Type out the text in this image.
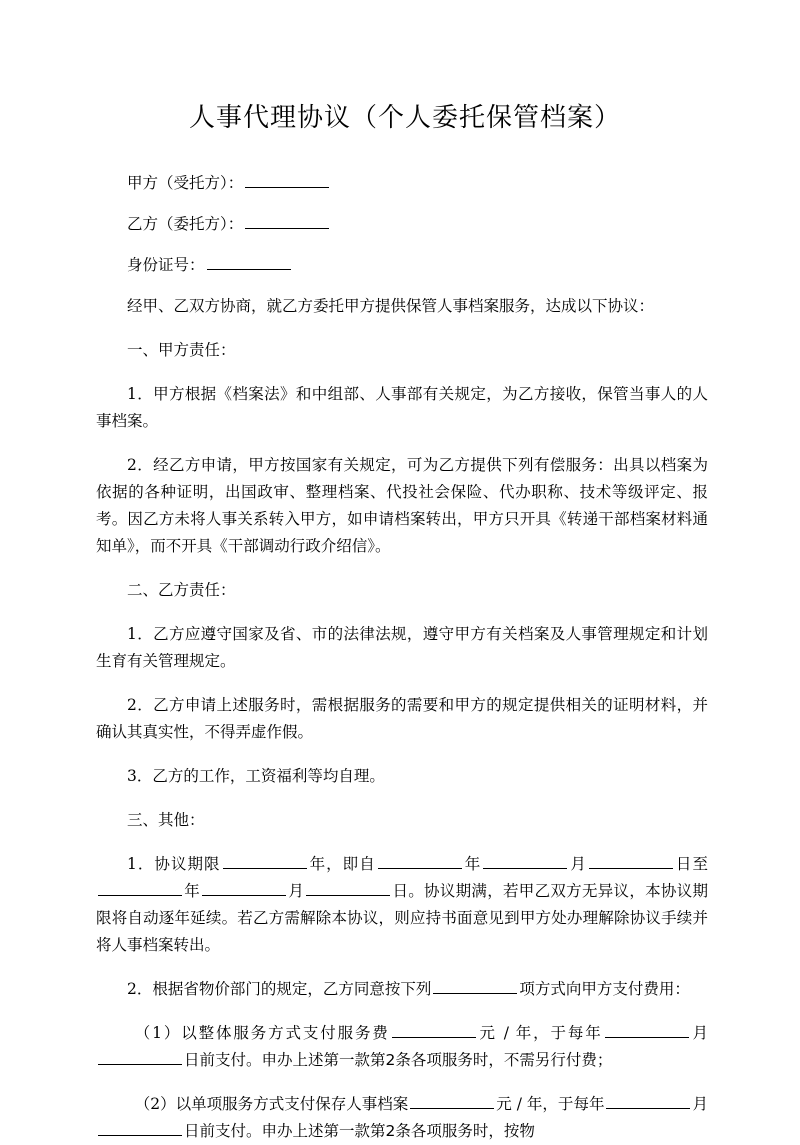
人事代理协议（个人委托保管档案）

甲方（受托方）：

乙方（委托方）：

身份证号：

经甲、乙双方协商，就乙方委托甲方提供保管人事档案服务，达成以下协议：

一、甲方责任：

1．甲方根据《档案法》和中组部、人事部有关规定，为乙方接收，保管当事人的人事档案。

2．经乙方申请，甲方按国家有关规定，可为乙方提供下列有偿服务：出具以档案为依据的各种证明，出国政审、整理档案、代投社会保险、代办职称、技术等级评定、报考。因乙方未将人事关系转入甲方，如申请档案转出，甲方只开具《转递干部档案材料通知单》，而不开具《干部调动行政介绍信》。

二、乙方责任：

1．乙方应遵守国家及省、市的法律法规，遵守甲方有关档案及人事管理规定和计划生育有关管理规定。

2．乙方申请上述服务时，需根据服务的需要和甲方的规定提供相关的证明材料，并确认其真实性，不得弄虚作假。

3．乙方的工作，工资福利等均自理。

三、其他：

1．协议期限	年，即自	年	月	日至年	月	日。协议期满，若甲乙双方无异议，本协议期限将自动逐年延续。若乙方需解除本协议，则应持书面意见到甲方处办理解除协议手续并将人事档案转出。

2．根据省物价部门的规定，乙方同意按下列	项方式向甲方支付费用：

（1）以整体服务方式支付服务费	元 / 年，于每年	月日前支付。申办上述第一款第2条各项服务时，不需另行付费；

（2）以单项服务方式支付保存人事档案	元 / 年，于每年	月日前支付。申办上述第一款第2条各项服务时，按物
